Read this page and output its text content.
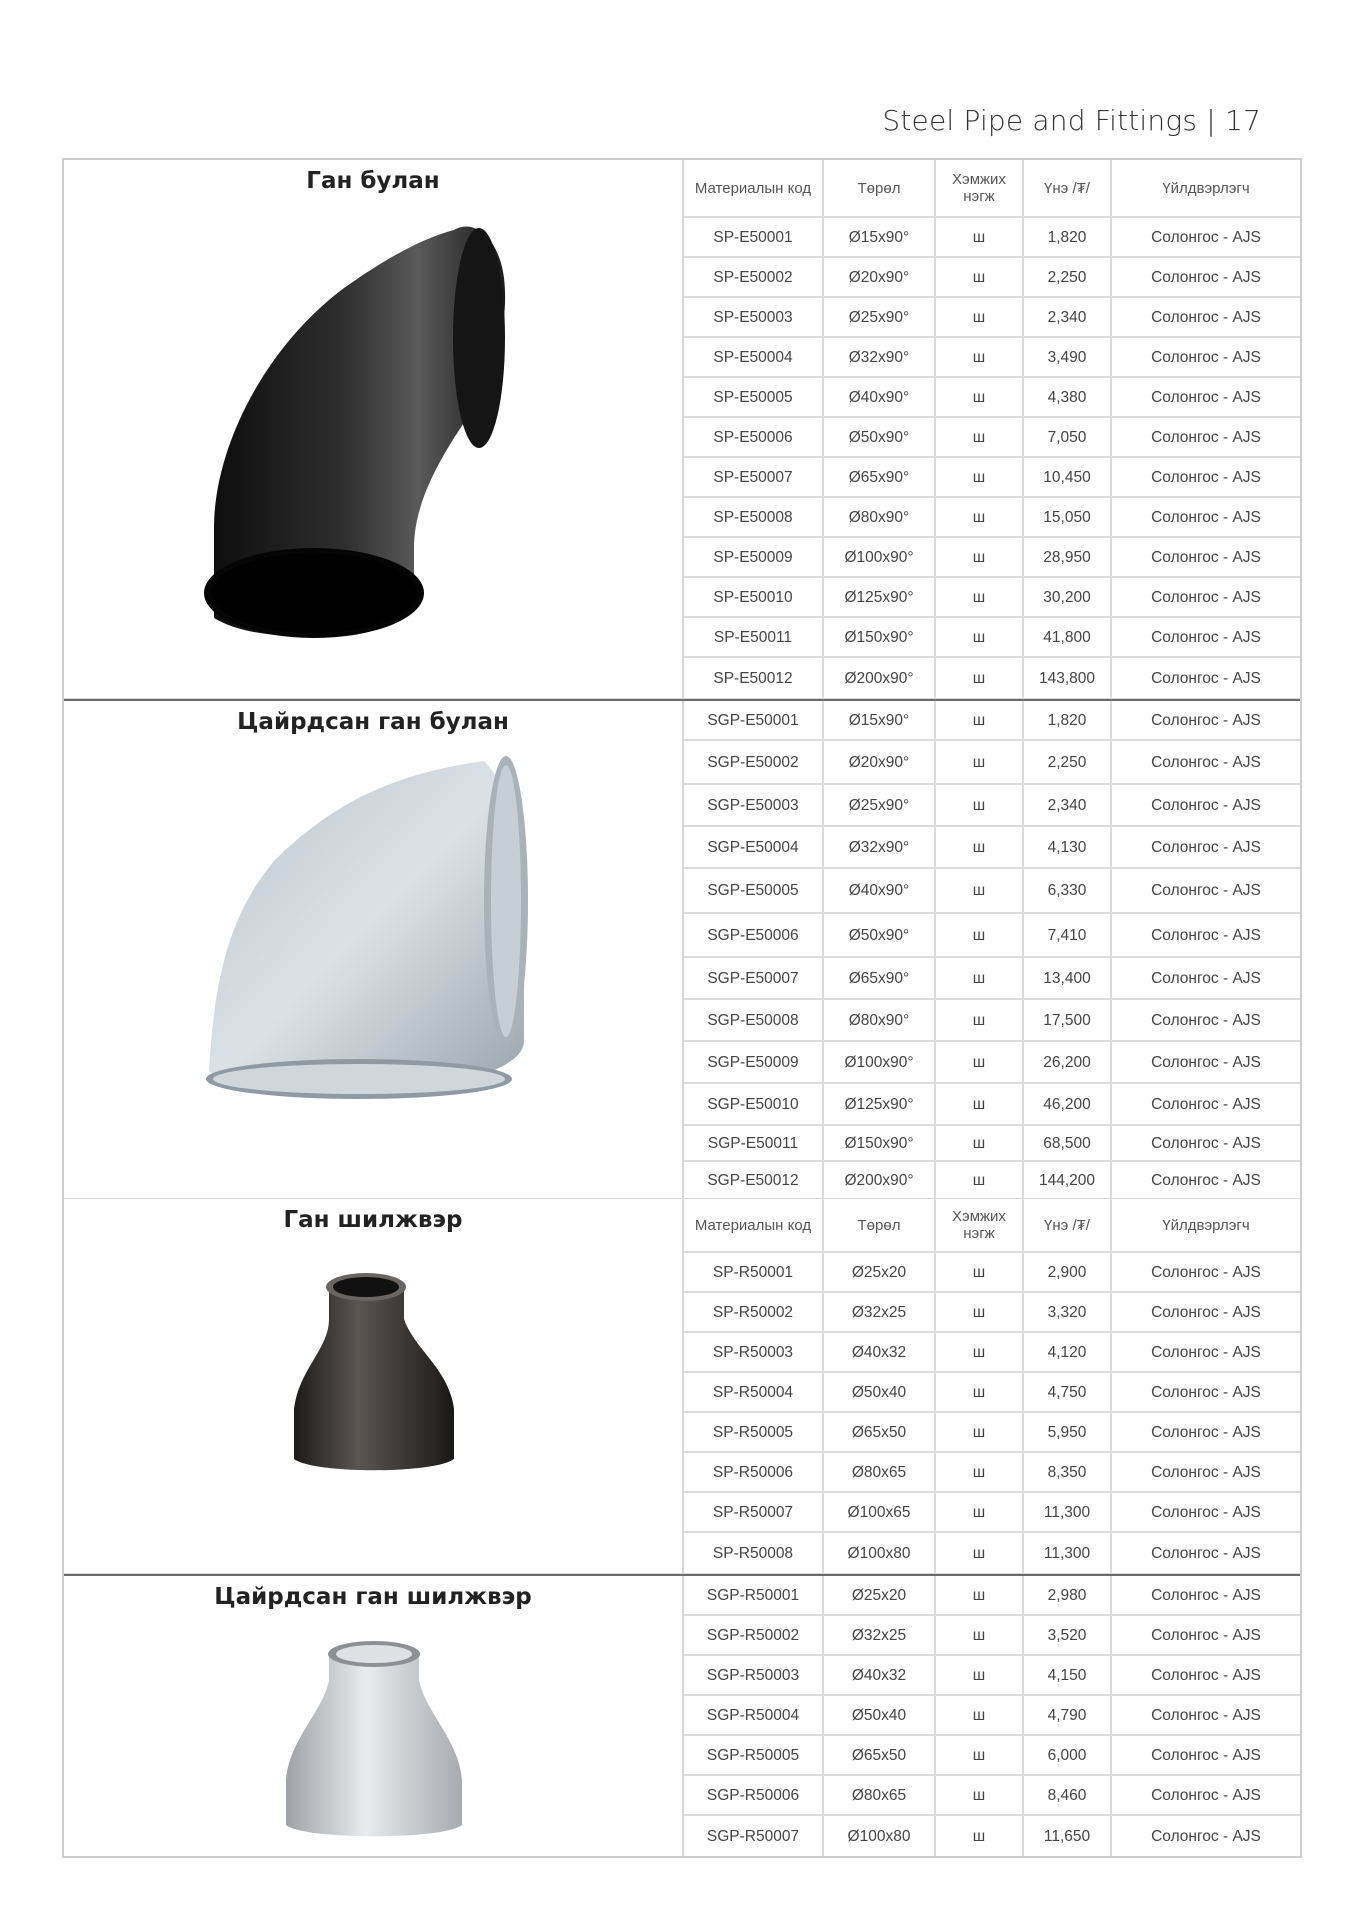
Steel Pipe and Fittings | 17
Ган булан	Материалын код	Төрөл	Хэмжих нэгж	Үнэ /₮/	Үйлдвэрлэгч
SP-E50001	Ø15x90°	ш	1,820	Солонгос - AJS
SP-E50002	Ø20x90°	ш	2,250	Солонгос - AJS
SP-E50003	Ø25x90°	ш	2,340	Солонгос - AJS
SP-E50004	Ø32x90°	ш	3,490	Солонгос - AJS
SP-E50005	Ø40x90°	ш	4,380	Солонгос - AJS
SP-E50006	Ø50x90°	ш	7,050	Солонгос - AJS
SP-E50007	Ø65x90°	ш	10,450	Солонгос - AJS
SP-E50008	Ø80x90°	ш	15,050	Солонгос - AJS
SP-E50009	Ø100x90°	ш	28,950	Солонгос - AJS
SP-E50010	Ø125x90°	ш	30,200	Солонгос - AJS
SP-E50011	Ø150x90°	ш	41,800	Солонгос - AJS
SP-E50012	Ø200x90°	ш	143,800	Солонгос - AJS
Цайрдсан ган булан	SGP-E50001	Ø15x90°	ш	1,820	Солонгос - AJS
SGP-E50002	Ø20x90°	ш	2,250	Солонгос - AJS
SGP-E50003	Ø25x90°	ш	2,340	Солонгос - AJS
SGP-E50004	Ø32x90°	ш	4,130	Солонгос - AJS
SGP-E50005	Ø40x90°	ш	6,330	Солонгос - AJS
SGP-E50006	Ø50x90°	ш	7,410	Солонгос - AJS
SGP-E50007	Ø65x90°	ш	13,400	Солонгос - AJS
SGP-E50008	Ø80x90°	ш	17,500	Солонгос - AJS
SGP-E50009	Ø100x90°	ш	26,200	Солонгос - AJS
SGP-E50010	Ø125x90°	ш	46,200	Солонгос - AJS
SGP-E50011	Ø150x90°	ш	68,500	Солонгос - AJS
SGP-E50012	Ø200x90°	ш	144,200	Солонгос - AJS
Ган шилжвэр	Материалын код	Төрөл	Хэмжих нэгж	Үнэ /₮/	Үйлдвэрлэгч
SP-R50001	Ø25x20	ш	2,900	Солонгос - AJS
SP-R50002	Ø32x25	ш	3,320	Солонгос - AJS
SP-R50003	Ø40x32	ш	4,120	Солонгос - AJS
SP-R50004	Ø50x40	ш	4,750	Солонгос - AJS
SP-R50005	Ø65x50	ш	5,950	Солонгос - AJS
SP-R50006	Ø80x65	ш	8,350	Солонгос - AJS
SP-R50007	Ø100x65	ш	11,300	Солонгос - AJS
SP-R50008	Ø100x80	ш	11,300	Солонгос - AJS
Цайрдсан ган шилжвэр	SGP-R50001	Ø25x20	ш	2,980	Солонгос - AJS
SGP-R50002	Ø32x25	ш	3,520	Солонгос - AJS
SGP-R50003	Ø40x32	ш	4,150	Солонгос - AJS
SGP-R50004	Ø50x40	ш	4,790	Солонгос - AJS
SGP-R50005	Ø65x50	ш	6,000	Солонгос - AJS
SGP-R50006	Ø80x65	ш	8,460	Солонгос - AJS
SGP-R50007	Ø100x80	ш	11,650	Солонгос - AJS
